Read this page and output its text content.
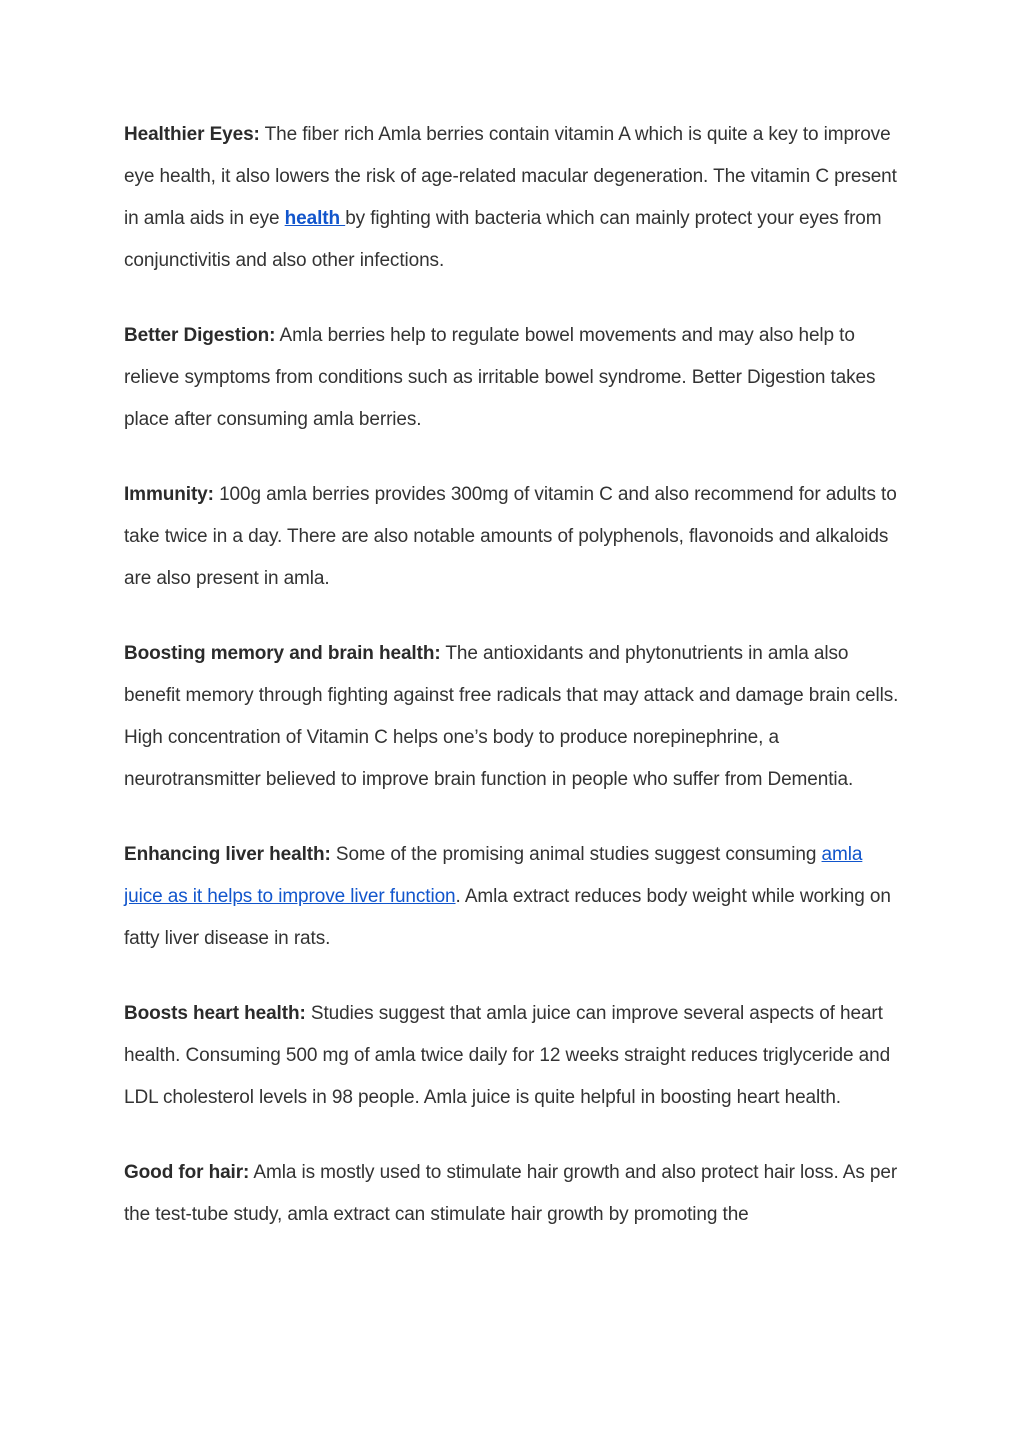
Healthier Eyes: The fiber rich Amla berries contain vitamin A which is quite a key to improve eye health, it also lowers the risk of age-related macular degeneration. The vitamin C present in amla aids in eye health by fighting with bacteria which can mainly protect your eyes from conjunctivitis and also other infections.

Better Digestion: Amla berries help to regulate bowel movements and may also help to relieve symptoms from conditions such as irritable bowel syndrome. Better Digestion takes place after consuming amla berries.

Immunity: 100g amla berries provides 300mg of vitamin C and also recommend for adults to take twice in a day. There are also notable amounts of polyphenols, flavonoids and alkaloids are also present in amla.

Boosting memory and brain health: The antioxidants and phytonutrients in amla also benefit memory through fighting against free radicals that may attack and damage brain cells. High concentration of Vitamin C helps one’s body to produce norepinephrine, a neurotransmitter believed to improve brain function in people who suffer from Dementia.

Enhancing liver health: Some of the promising animal studies suggest consuming amla juice as it helps to improve liver function. Amla extract reduces body weight while working on fatty liver disease in rats.

Boosts heart health: Studies suggest that amla juice can improve several aspects of heart health. Consuming 500 mg of amla twice daily for 12 weeks straight reduces triglyceride and LDL cholesterol levels in 98 people. Amla juice is quite helpful in boosting heart health.

Good for hair: Amla is mostly used to stimulate hair growth and also protect hair loss. As per the test-tube study, amla extract can stimulate hair growth by promoting the
